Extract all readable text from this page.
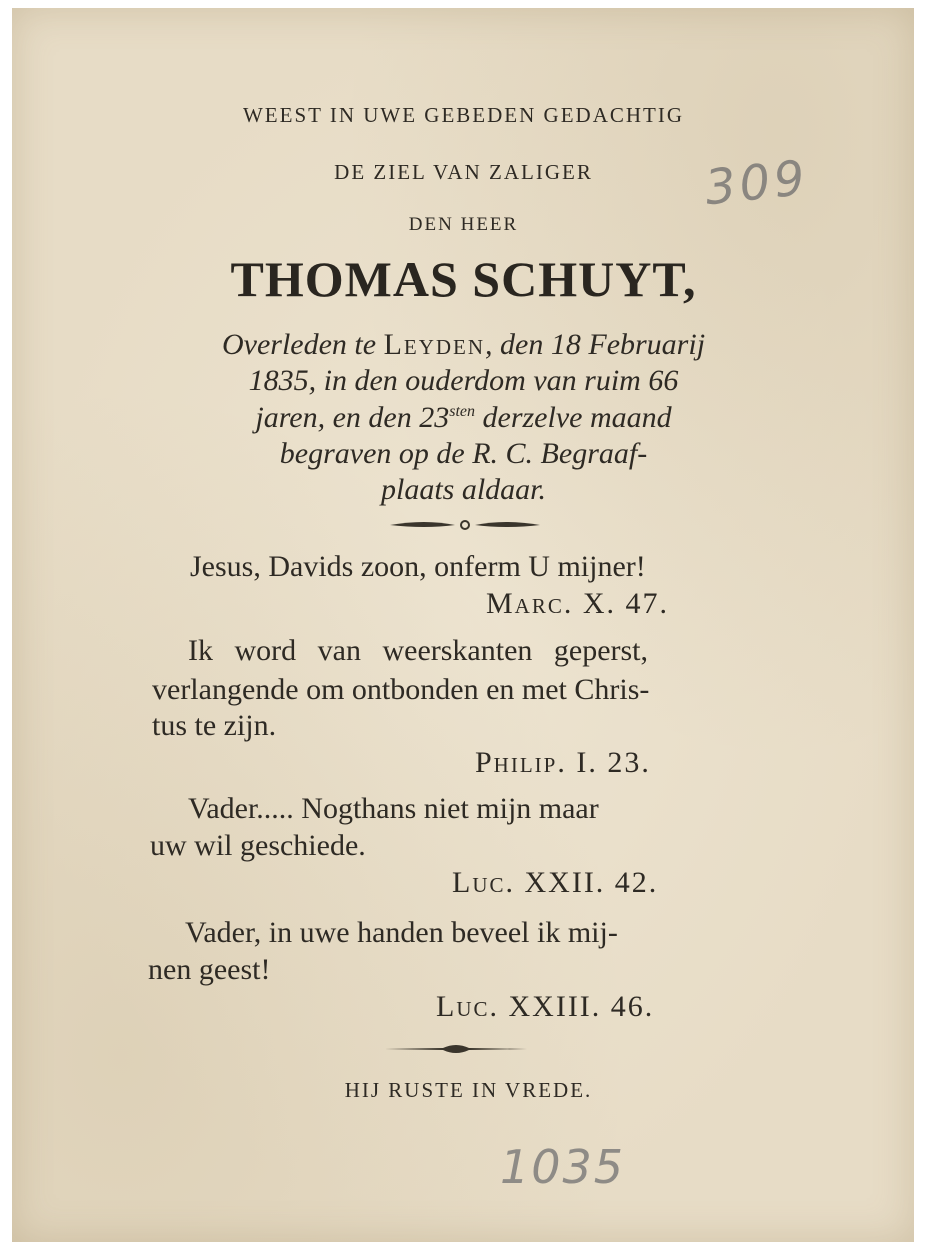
WEEST IN UWE GEBEDEN GEDACHTIG
DE ZIEL VAN ZALIGER
DEN HEER
THOMAS SCHUYT,
Overleden te Leyden, den 18 Februarij
1835, in den ouderdom van ruim 66
jaren, en den $23^{sten}$ derzelve maand
begraven op de R. C. Begraaf-
plaats aldaar.
Jesus, Davids zoon, onferm U mijner!
Marc. X. 47.
Ik word van weerskanten geperst,
verlangende om ontbonden en met Chris-
tus te zijn.
Philip. I. 23.
Vader..... Nogthans niet mijn maar
uw wil geschiede.
Luc. XXII. 42.
Vader, in uwe handen beveel ik mij-
nen geest!
Luc. XXIII. 46.
HIJ RUSTE IN VREDE.
309
1035
